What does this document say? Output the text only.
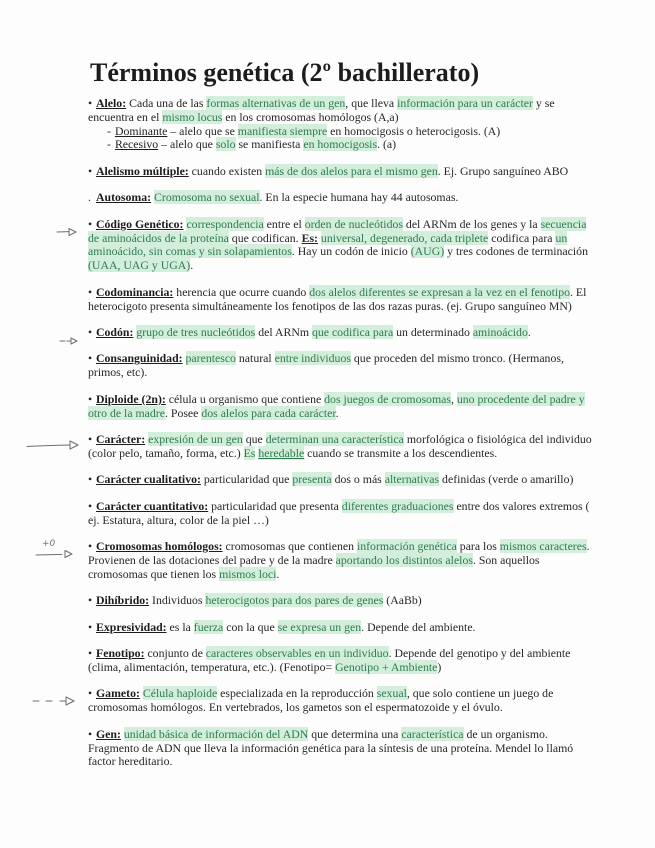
Términos genética (2º bachillerato)
• Alelo: Cada una de las formas alternativas de un gen, que lleva información para un carácter y se encuentra en el mismo locus en los cromosomas homólogos (A,a)
- Dominante – alelo que se manifiesta siempre en homocigosis o heterocigosis. (A)
- Recesivo – alelo que solo se manifiesta en homocigosis. (a)
• Alelismo múltiple: cuando existen más de dos alelos para el mismo gen. Ej. Grupo sanguíneo ABO
. Autosoma: Cromosoma no sexual. En la especie humana hay 44 autosomas.
• Código Genético: correspondencia entre el orden de nucleótidos del ARNm de los genes y la secuencia de aminoácidos de la proteína que codifican. Es: universal, degenerado, cada triplete codifica para un aminoácido, sin comas y sin solapamientos. Hay un codón de inicio (AUG) y tres codones de terminación (UAA, UAG y UGA).
• Codominancia: herencia que ocurre cuando dos alelos diferentes se expresan a la vez en el fenotipo. El heterocigoto presenta simultáneamente los fenotipos de las dos razas puras. (ej. Grupo sanguíneo MN)
• Codón: grupo de tres nucleótidos del ARNm que codifica para un determinado aminoácido.
• Consanguinidad: parentesco natural entre individuos que proceden del mismo tronco. (Hermanos, primos, etc).
• Diploide (2n): célula u organismo que contiene dos juegos de cromosomas, uno procedente del padre y otro de la madre. Posee dos alelos para cada carácter.
• Carácter: expresión de un gen que determinan una característica morfológica o fisiológica del individuo (color pelo, tamaño, forma, etc.) Es heredable cuando se transmite a los descendientes.
• Carácter cualitativo: particularidad que presenta dos o más alternativas definidas (verde o amarillo)
• Carácter cuantitativo: particularidad que presenta diferentes graduaciones entre dos valores extremos ( ej. Estatura, altura, color de la piel …)
+0	• Cromosomas homólogos: cromosomas que contienen información genética para los mismos caracteres. Provienen de las dotaciones del padre y de la madre aportando los distintos alelos. Son aquellos cromosomas que tienen los mismos loci.
• Dihíbrido: Individuos heterocigotos para dos pares de genes (AaBb)
• Expresividad: es la fuerza con la que se expresa un gen. Depende del ambiente.
• Fenotipo: conjunto de caracteres observables en un individuo. Depende del genotipo y del ambiente (clima, alimentación, temperatura, etc.). (Fenotipo= Genotipo + Ambiente)
• Gameto: Célula haploide especializada en la reproducción sexual, que solo contiene un juego de cromosomas homólogos. En vertebrados, los gametos son el espermatozoide y el óvulo.
• Gen: unidad básica de información del ADN que determina una característica de un organismo. Fragmento de ADN que lleva la información genética para la síntesis de una proteína. Mendel lo llamó factor hereditario.
